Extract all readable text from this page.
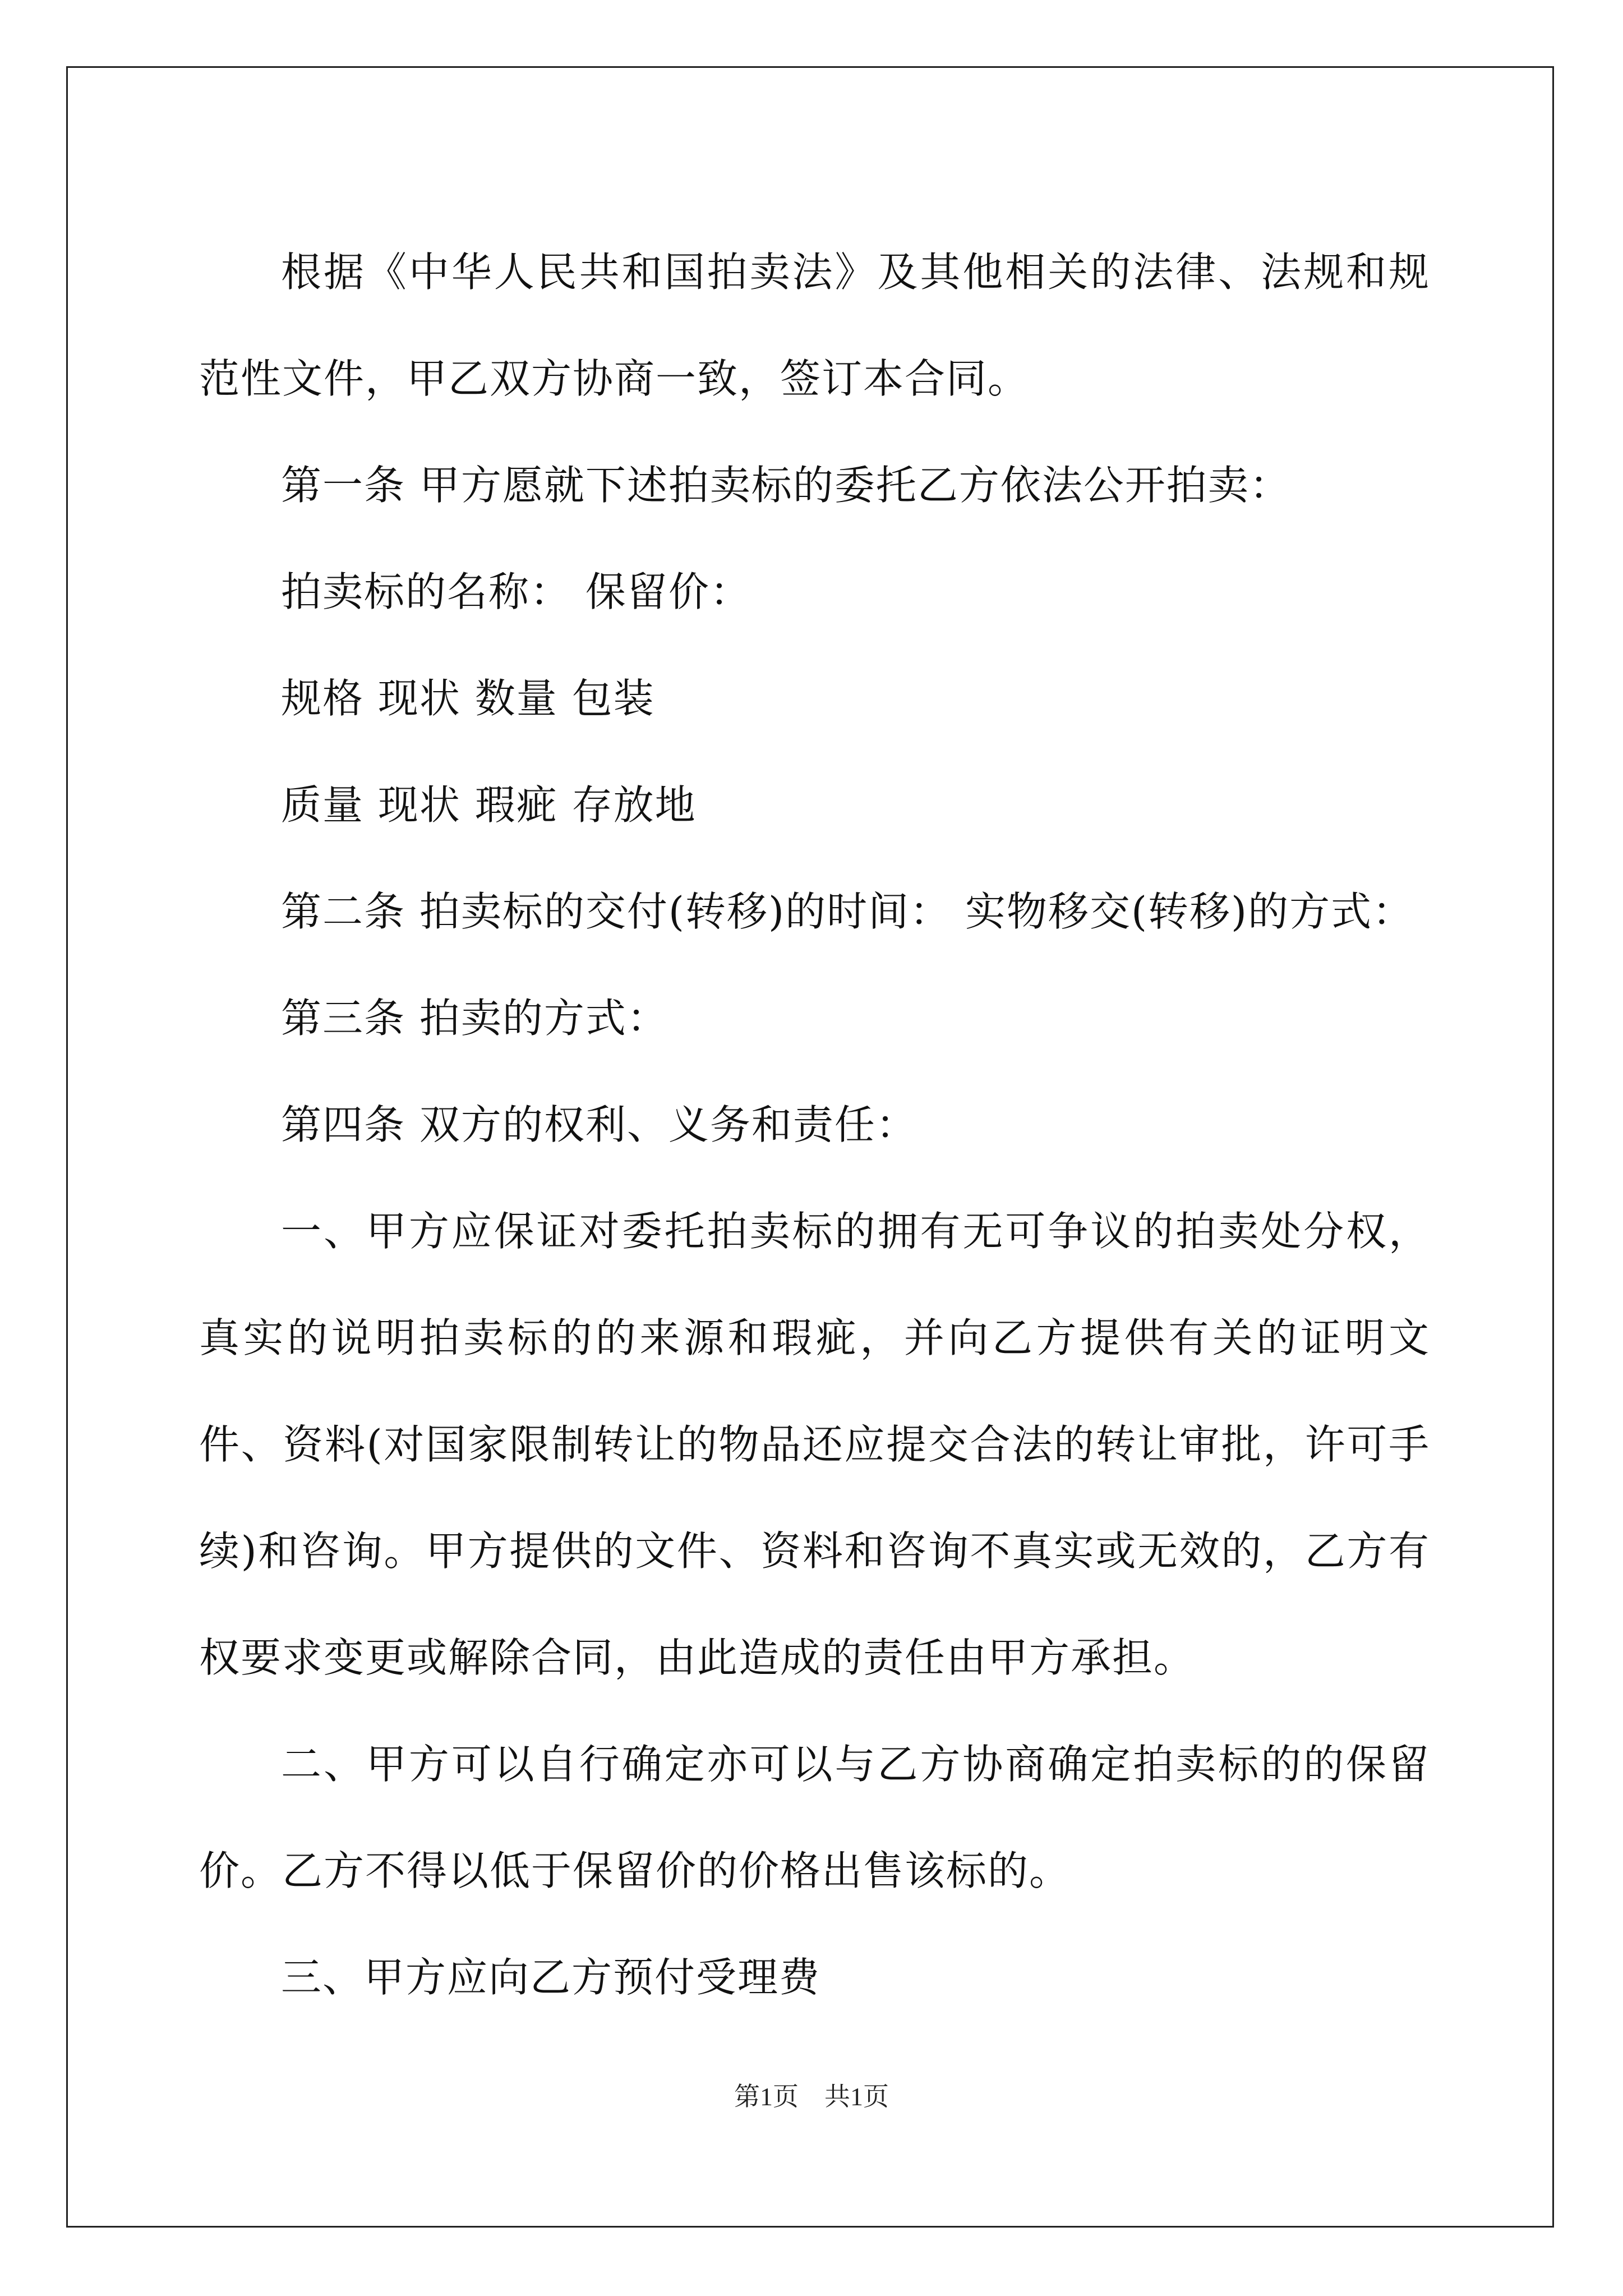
根据《中华人民共和国拍卖法》及其他相关的法律、法规和规范性文件，甲乙双方协商一致，签订本合同。

第一条 甲方愿就下述拍卖标的委托乙方依法公开拍卖：

拍卖标的名称： 保留价：

规格 现状 数量 包装

质量 现状 瑕疵 存放地

第二条 拍卖标的交付(转移)的时间： 实物移交(转移)的方式：

第三条 拍卖的方式：

第四条 双方的权利、义务和责任：

一、甲方应保证对委托拍卖标的拥有无可争议的拍卖处分权，真实的说明拍卖标的的来源和瑕疵，并向乙方提供有关的证明文件、资料(对国家限制转让的物品还应提交合法的转让审批，许可手续)和咨询。甲方提供的文件、资料和咨询不真实或无效的，乙方有权要求变更或解除合同，由此造成的责任由甲方承担。

二、甲方可以自行确定亦可以与乙方协商确定拍卖标的的保留价。乙方不得以低于保留价的价格出售该标的。

三、甲方应向乙方预付受理费

第1页　共1页
